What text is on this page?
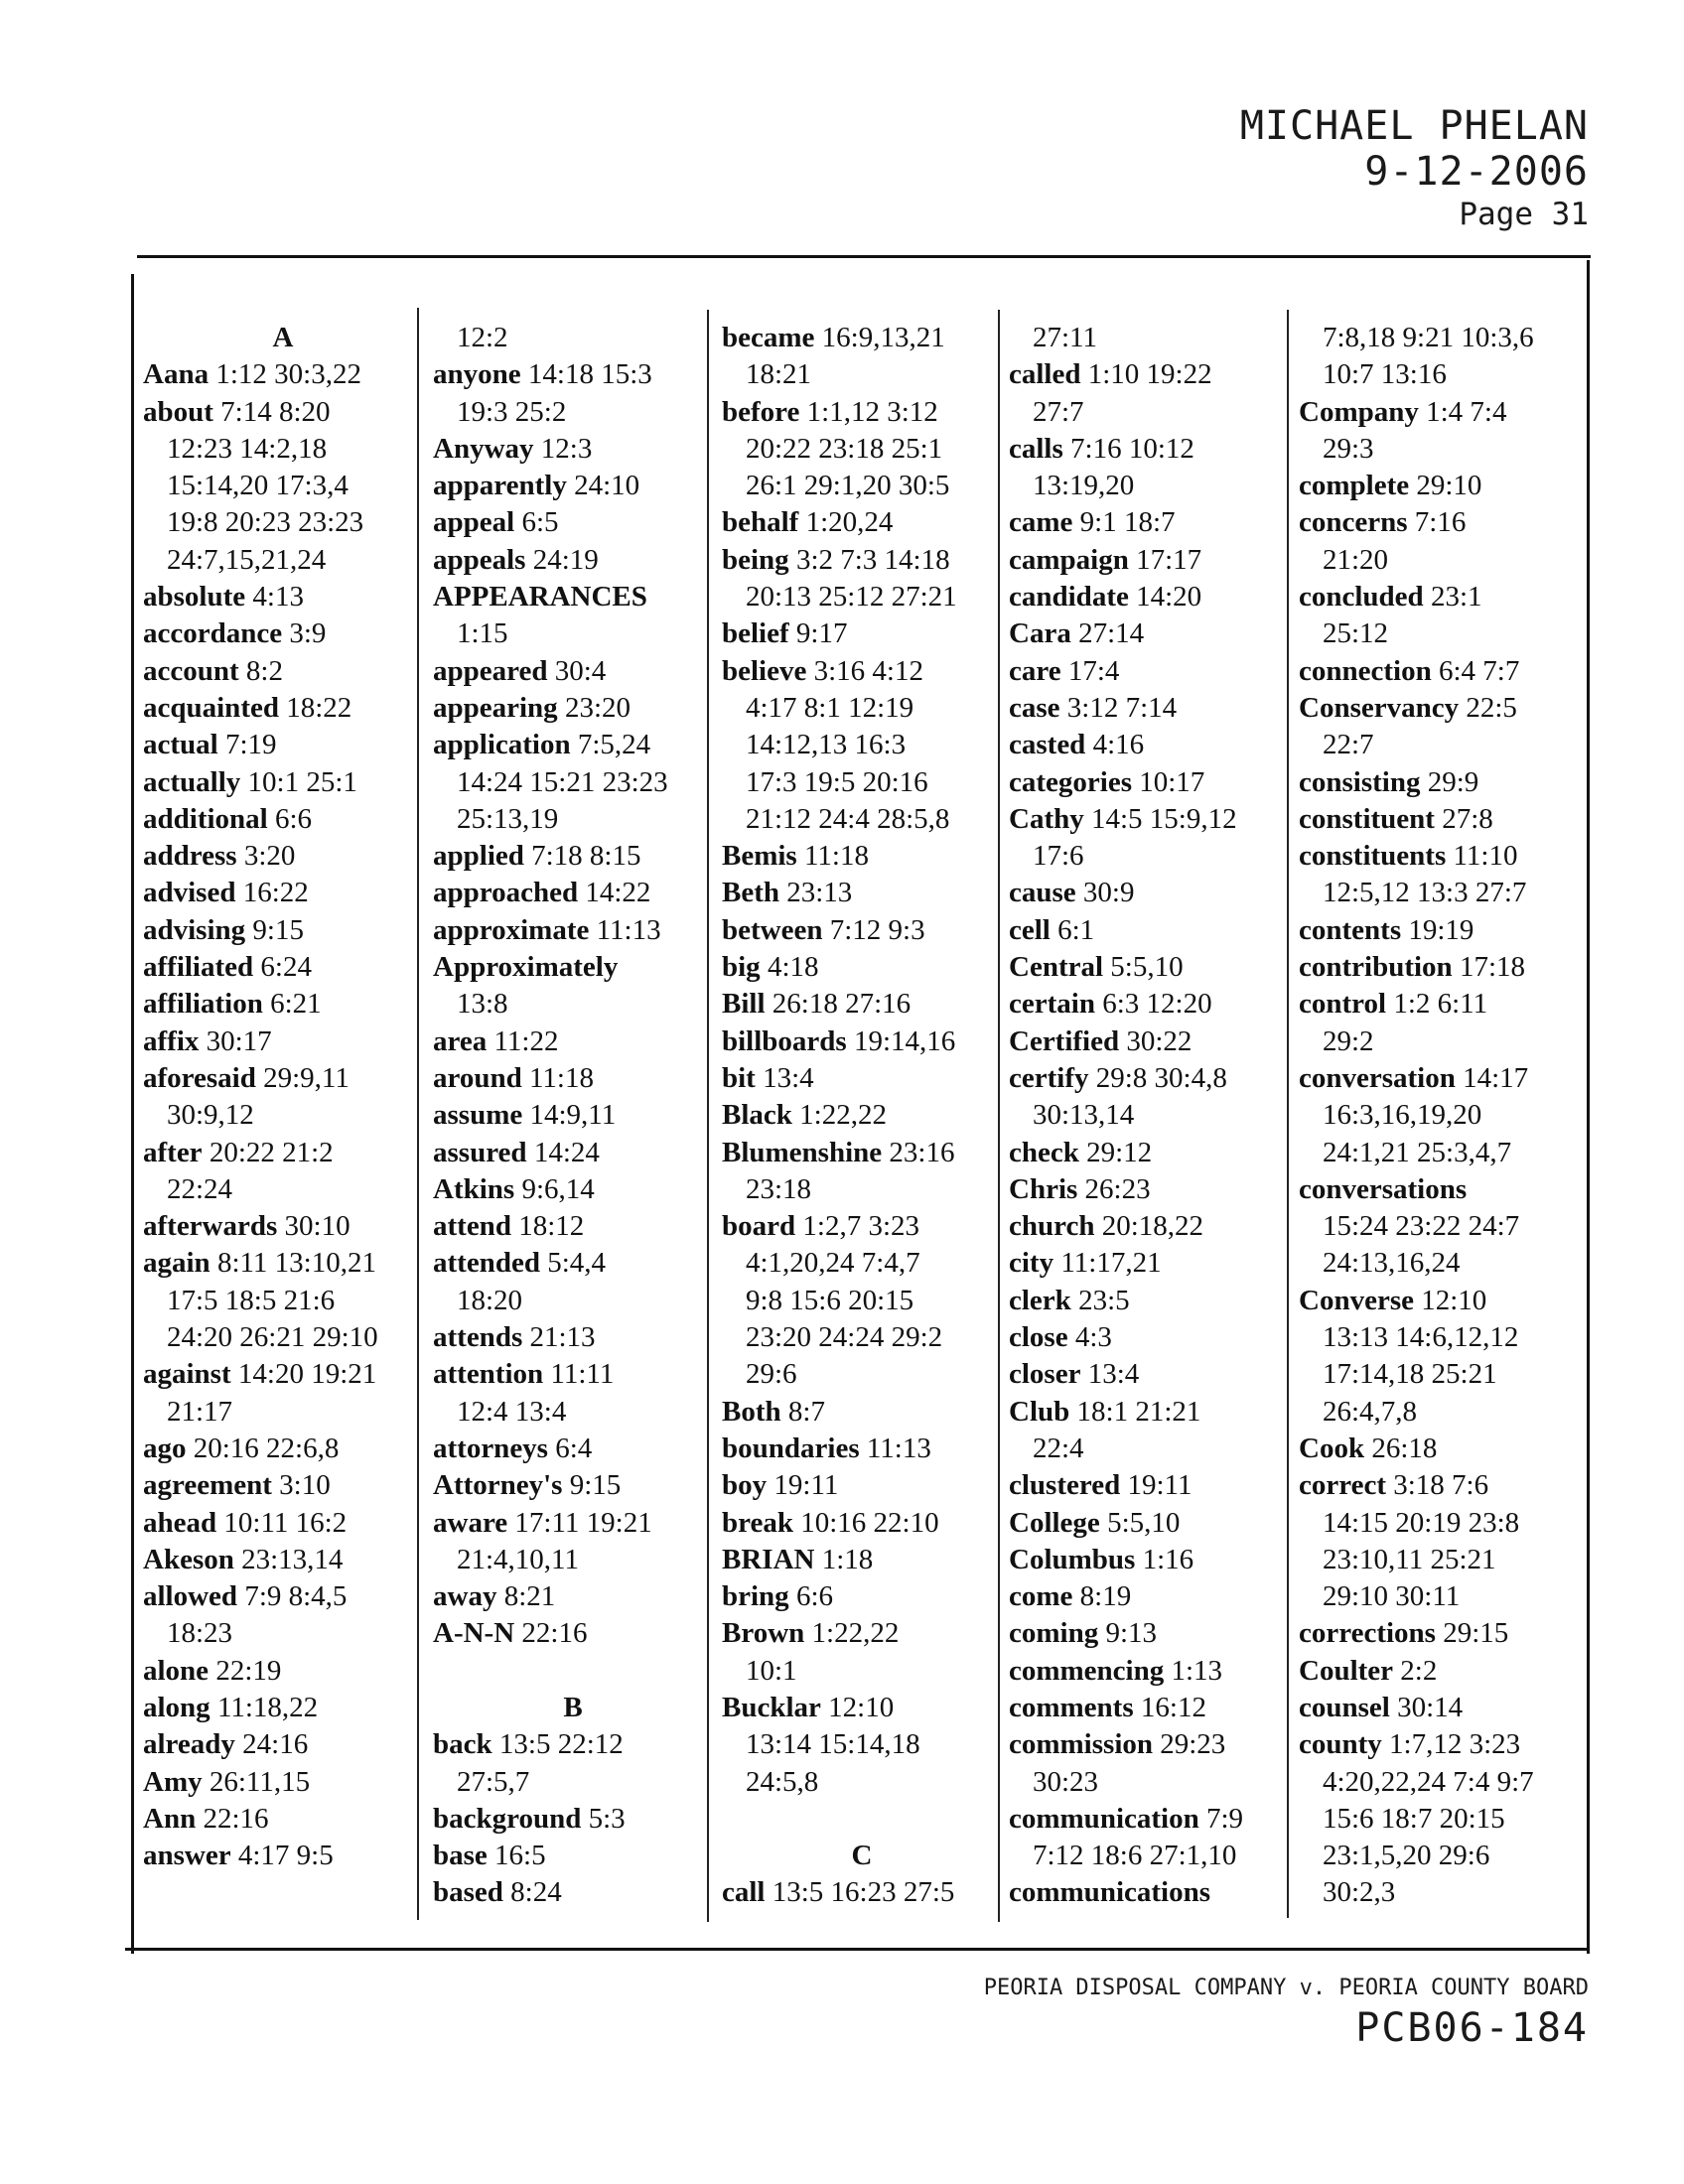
MICHAEL PHELAN
9-12-2006
Page 31
A
Aana 1:12 30:3,22
about 7:14 8:20
12:23 14:2,18
15:14,20 17:3,4
19:8 20:23 23:23
24:7,15,21,24
absolute 4:13
accordance 3:9
account 8:2
acquainted 18:22
actual 7:19
actually 10:1 25:1
additional 6:6
address 3:20
advised 16:22
advising 9:15
affiliated 6:24
affiliation 6:21
affix 30:17
aforesaid 29:9,11
30:9,12
after 20:22 21:2
22:24
afterwards 30:10
again 8:11 13:10,21
17:5 18:5 21:6
24:20 26:21 29:10
against 14:20 19:21
21:17
ago 20:16 22:6,8
agreement 3:10
ahead 10:11 16:2
Akeson 23:13,14
allowed 7:9 8:4,5
18:23
alone 22:19
along 11:18,22
already 24:16
Amy 26:11,15
Ann 22:16
answer 4:17 9:5
12:2
anyone 14:18 15:3
19:3 25:2
Anyway 12:3
apparently 24:10
appeal 6:5
appeals 24:19
APPEARANCES
1:15
appeared 30:4
appearing 23:20
application 7:5,24
14:24 15:21 23:23
25:13,19
applied 7:18 8:15
approached 14:22
approximate 11:13
Approximately
13:8
area 11:22
around 11:18
assume 14:9,11
assured 14:24
Atkins 9:6,14
attend 18:12
attended 5:4,4
18:20
attends 21:13
attention 11:11
12:4 13:4
attorneys 6:4
Attorney's 9:15
aware 17:11 19:21
21:4,10,11
away 8:21
A-N-N 22:16
B
back 13:5 22:12
27:5,7
background 5:3
base 16:5
based 8:24
became 16:9,13,21
18:21
before 1:1,12 3:12
20:22 23:18 25:1
26:1 29:1,20 30:5
behalf 1:20,24
being 3:2 7:3 14:18
20:13 25:12 27:21
belief 9:17
believe 3:16 4:12
4:17 8:1 12:19
14:12,13 16:3
17:3 19:5 20:16
21:12 24:4 28:5,8
Bemis 11:18
Beth 23:13
between 7:12 9:3
big 4:18
Bill 26:18 27:16
billboards 19:14,16
bit 13:4
Black 1:22,22
Blumenshine 23:16
23:18
board 1:2,7 3:23
4:1,20,24 7:4,7
9:8 15:6 20:15
23:20 24:24 29:2
29:6
Both 8:7
boundaries 11:13
boy 19:11
break 10:16 22:10
BRIAN 1:18
bring 6:6
Brown 1:22,22
10:1
Bucklar 12:10
13:14 15:14,18
24:5,8
C
call 13:5 16:23 27:5
27:11
called 1:10 19:22
27:7
calls 7:16 10:12
13:19,20
came 9:1 18:7
campaign 17:17
candidate 14:20
Cara 27:14
care 17:4
case 3:12 7:14
casted 4:16
categories 10:17
Cathy 14:5 15:9,12
17:6
cause 30:9
cell 6:1
Central 5:5,10
certain 6:3 12:20
Certified 30:22
certify 29:8 30:4,8
30:13,14
check 29:12
Chris 26:23
church 20:18,22
city 11:17,21
clerk 23:5
close 4:3
closer 13:4
Club 18:1 21:21
22:4
clustered 19:11
College 5:5,10
Columbus 1:16
come 8:19
coming 9:13
commencing 1:13
comments 16:12
commission 29:23
30:23
communication 7:9
7:12 18:6 27:1,10
communications
7:8,18 9:21 10:3,6
10:7 13:16
Company 1:4 7:4
29:3
complete 29:10
concerns 7:16
21:20
concluded 23:1
25:12
connection 6:4 7:7
Conservancy 22:5
22:7
consisting 29:9
constituent 27:8
constituents 11:10
12:5,12 13:3 27:7
contents 19:19
contribution 17:18
control 1:2 6:11
29:2
conversation 14:17
16:3,16,19,20
24:1,21 25:3,4,7
conversations
15:24 23:22 24:7
24:13,16,24
Converse 12:10
13:13 14:6,12,12
17:14,18 25:21
26:4,7,8
Cook 26:18
correct 3:18 7:6
14:15 20:19 23:8
23:10,11 25:21
29:10 30:11
corrections 29:15
Coulter 2:2
counsel 30:14
county 1:7,12 3:23
4:20,22,24 7:4 9:7
15:6 18:7 20:15
23:1,5,20 29:6
30:2,3
PEORIA DISPOSAL COMPANY v. PEORIA COUNTY BOARD
PCB06-184
